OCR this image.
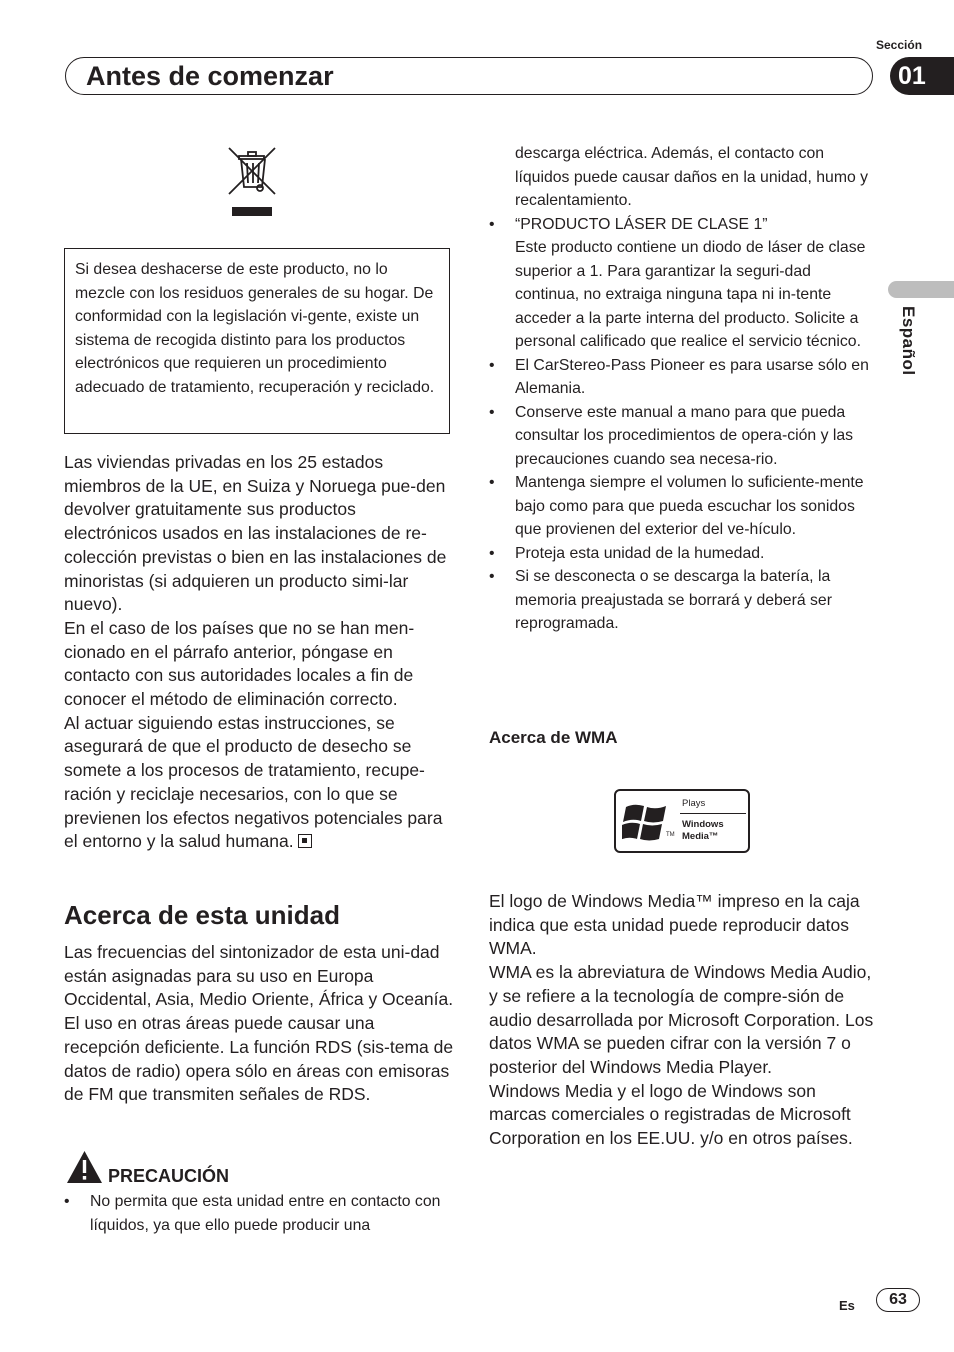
Sección
Antes de comenzar	01
Español
Si desea deshacerse de este producto, no lo mezcle con los residuos generales de su hogar. De conformidad con la legislación vi-gente, existe un sistema de recogida distinto para los productos electrónicos que requieren un procedimiento adecuado de tratamiento, recuperación y reciclado.
Las viviendas privadas en los 25 estados miembros de la UE, en Suiza y Noruega pue-den devolver gratuitamente sus productos electrónicos usados en las instalaciones de re-colección previstas o bien en las instalaciones de minoristas (si adquieren un producto simi-lar nuevo).
En el caso de los países que no se han men-cionado en el párrafo anterior, póngase en contacto con sus autoridades locales a fin de conocer el método de eliminación correcto.
Al actuar siguiendo estas instrucciones, se asegurará de que el producto de desecho se somete a los procesos de tratamiento, recupe-ración y reciclaje necesarios, con lo que se previenen los efectos negativos potenciales para el entorno y la salud humana.
Acerca de esta unidad
Las frecuencias del sintonizador de esta uni-dad están asignadas para su uso en Europa Occidental, Asia, Medio Oriente, África y Oceanía. El uso en otras áreas puede causar una recepción deficiente. La función RDS (sis-tema de datos de radio) opera sólo en áreas con emisoras de FM que transmiten señales de RDS.
PRECAUCIÓN
• No permita que esta unidad entre en contacto con líquidos, ya que ello puede producir una
descarga eléctrica. Además, el contacto con líquidos puede causar daños en la unidad, humo y recalentamiento.
• “PRODUCTO LÁSER DE CLASE 1”
Este producto contiene un diodo de láser de clase superior a 1. Para garantizar la seguri-dad continua, no extraiga ninguna tapa ni in-tente acceder a la parte interna del producto. Solicite a personal calificado que realice el servicio técnico.
• El CarStereo-Pass Pioneer es para usarse sólo en Alemania.
• Conserve este manual a mano para que pueda consultar los procedimientos de opera-ción y las precauciones cuando sea necesa-rio.
• Mantenga siempre el volumen lo suficiente-mente bajo como para que pueda escuchar los sonidos que provienen del exterior del ve-hículo.
• Proteja esta unidad de la humedad.
• Si se desconecta o se descarga la batería, la memoria preajustada se borrará y deberá ser reprogramada.
Acerca de WMA
TM
Plays
Windows
Media™
El logo de Windows Media™ impreso en la caja indica que esta unidad puede reproducir datos WMA.
WMA es la abreviatura de Windows Media Audio, y se refiere a la tecnología de compre-sión de audio desarrollada por Microsoft Corporation. Los datos WMA se pueden cifrar con la versión 7 o posterior del Windows Media Player.
Windows Media y el logo de Windows son marcas comerciales o registradas de Microsoft Corporation en los EE.UU. y/o en otros países.
Es	63
